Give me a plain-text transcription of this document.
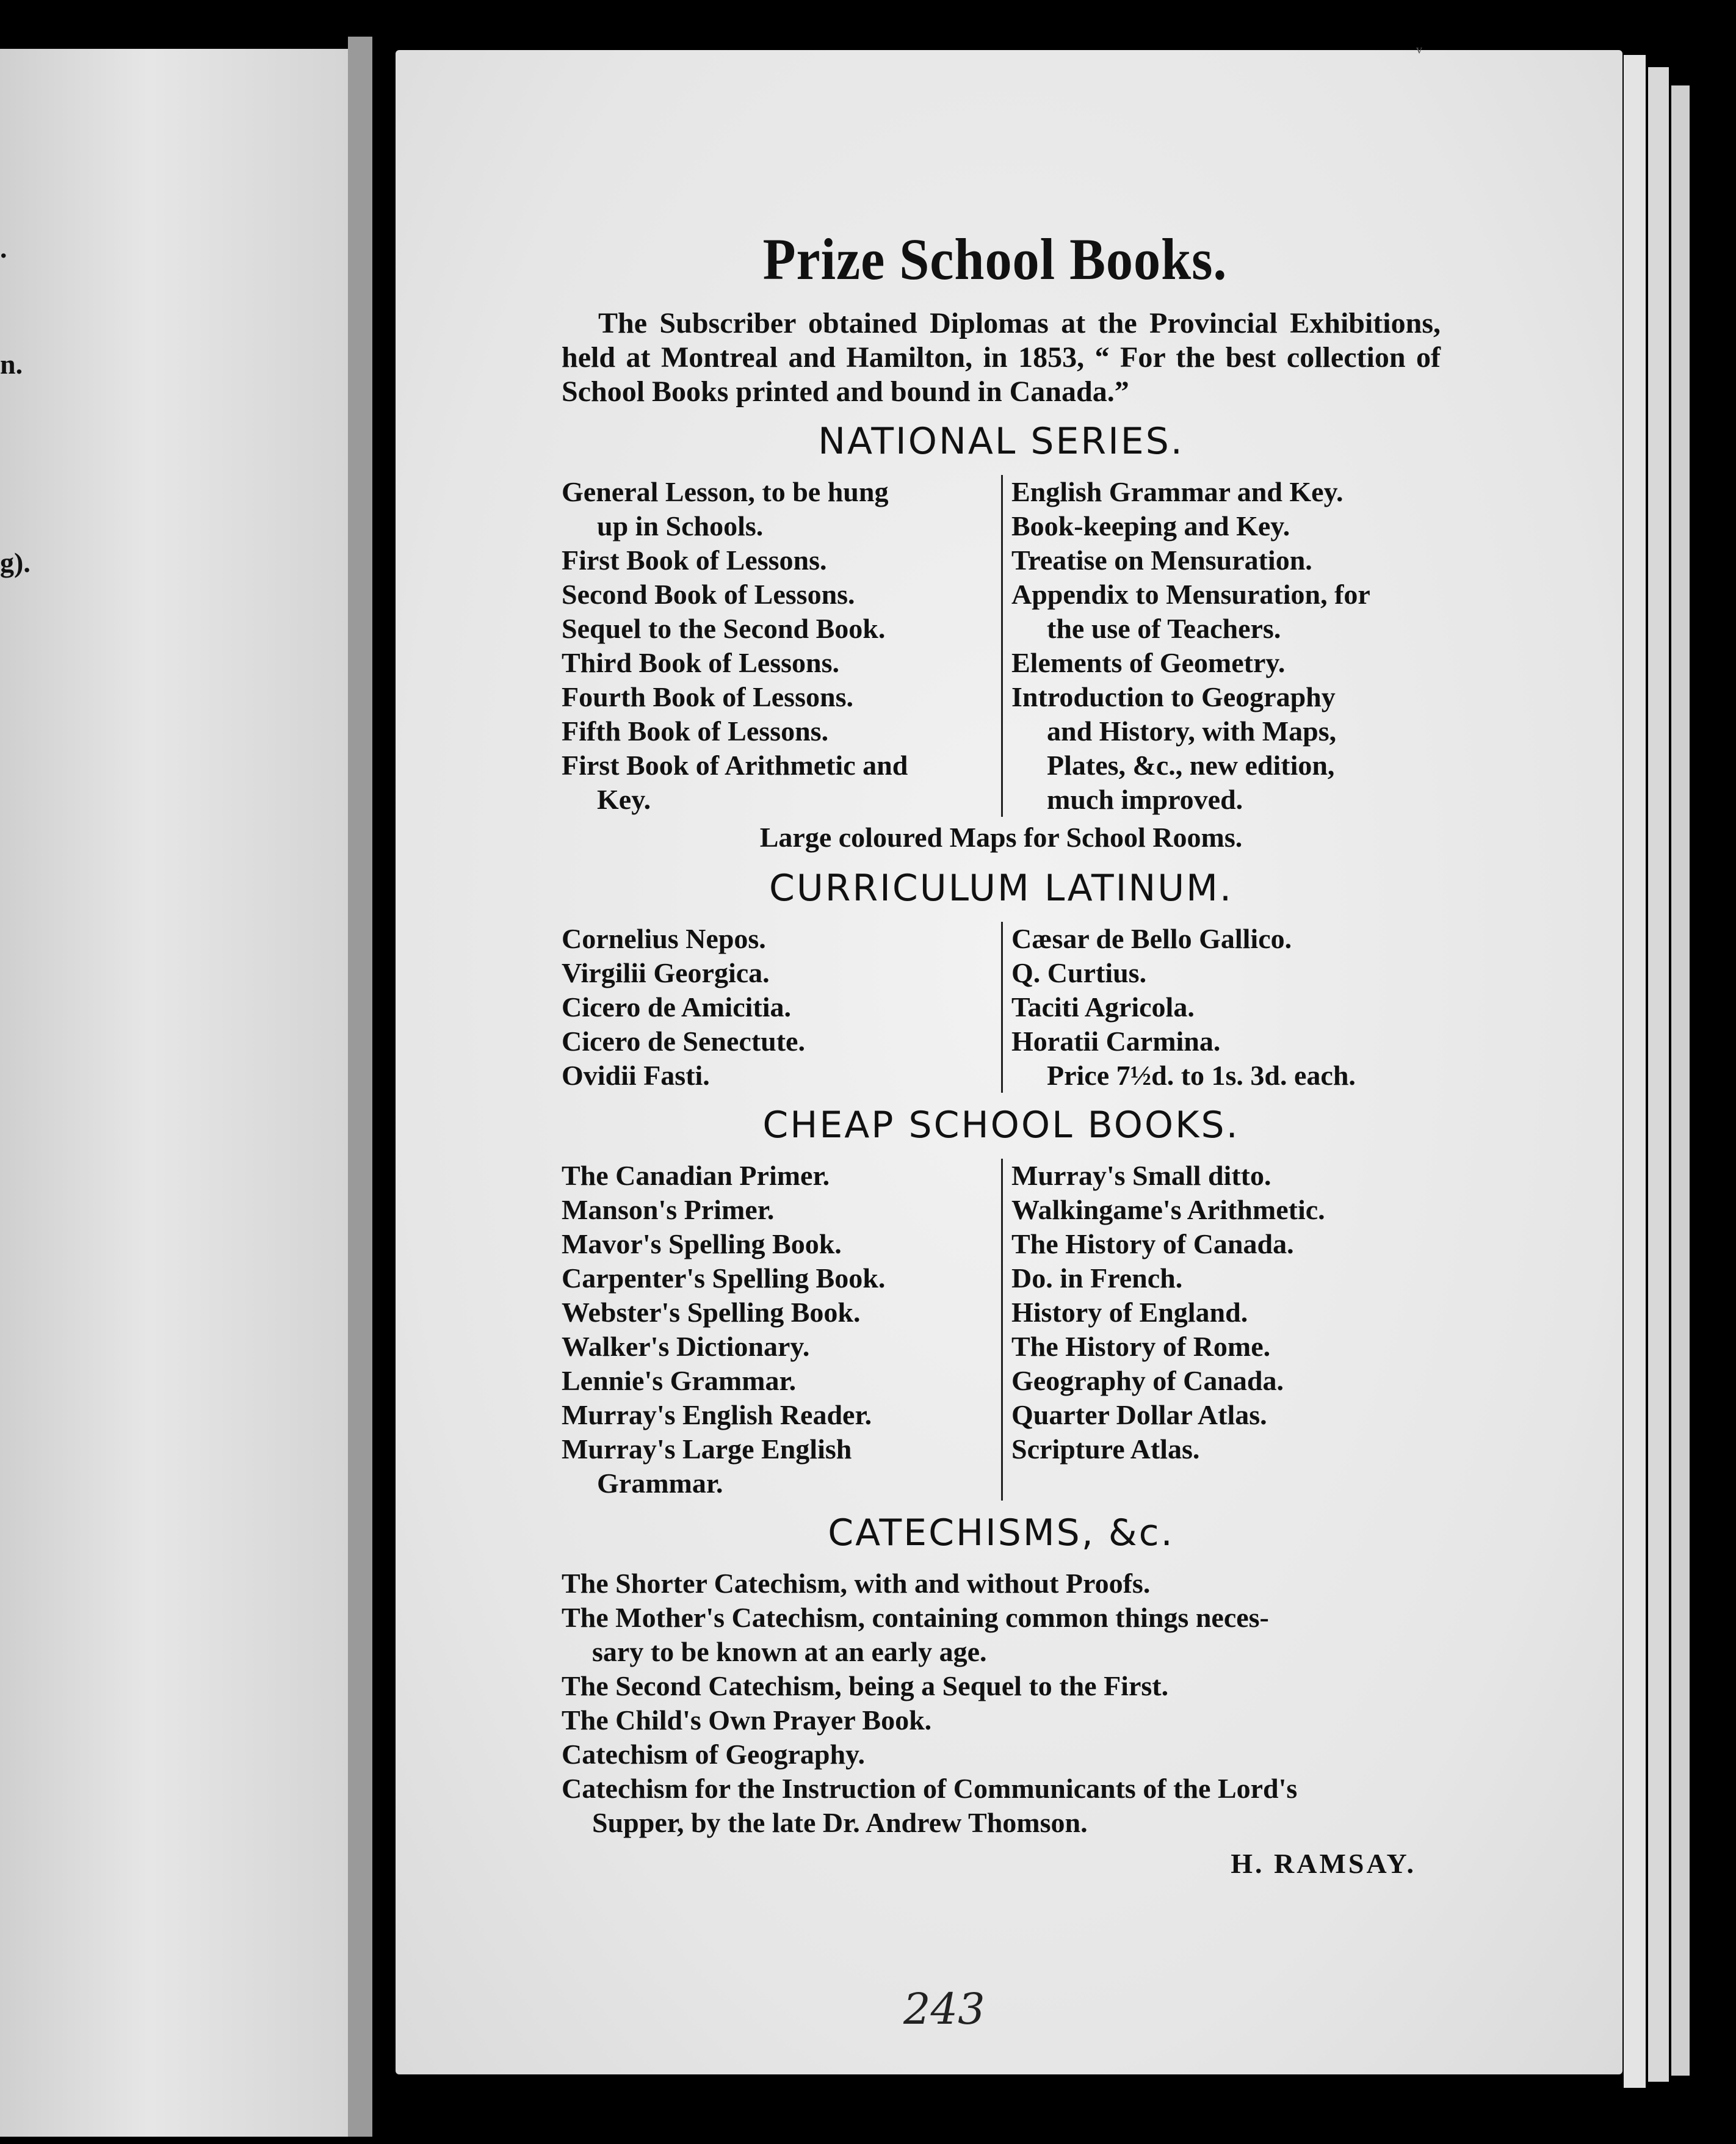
.
n.
g).
ᵛ
Prize School Books.
The Subscriber obtained Diplomas at the Provincial Exhibitions, held at Montreal and Hamilton, in 1853, “ For the best collection of School Books printed and bound in Canada.”
NATIONAL SERIES.
General Lesson, to be hung
up in Schools.
First Book of Lessons.
Second Book of Lessons.
Sequel to the Second Book.
Third Book of Lessons.
Fourth Book of Lessons.
Fifth Book of Lessons.
First Book of Arithmetic and
Key.
English Grammar and Key.
Book-keeping and Key.
Treatise on Mensuration.
Appendix to Mensuration, for
the use of Teachers.
Elements of Geometry.
Introduction to Geography
and History, with Maps,
Plates, &c., new edition,
much improved.
Large coloured Maps for School Rooms.
CURRICULUM LATINUM.
Cornelius Nepos.
Virgilii Georgica.
Cicero de Amicitia.
Cicero de Senectute.
Ovidii Fasti.
Cæsar de Bello Gallico.
Q. Curtius.
Taciti Agricola.
Horatii Carmina.
Price 7½d. to 1s. 3d. each.
CHEAP SCHOOL BOOKS.
The Canadian Primer.
Manson's Primer.
Mavor's Spelling Book.
Carpenter's Spelling Book.
Webster's Spelling Book.
Walker's Dictionary.
Lennie's Grammar.
Murray's English Reader.
Murray's Large English
Grammar.
Murray's Small ditto.
Walkingame's Arithmetic.
The History of Canada.
Do. in French.
History of England.
The History of Rome.
Geography of Canada.
Quarter Dollar Atlas.
Scripture Atlas.
CATECHISMS, &c.
The Shorter Catechism, with and without Proofs.
The Mother's Catechism, containing common things neces-
sary to be known at an early age.
The Second Catechism, being a Sequel to the First.
The Child's Own Prayer Book.
Catechism of Geography.
Catechism for the Instruction of Communicants of the Lord's
Supper, by the late Dr. Andrew Thomson.
H. RAMSAY.
243
